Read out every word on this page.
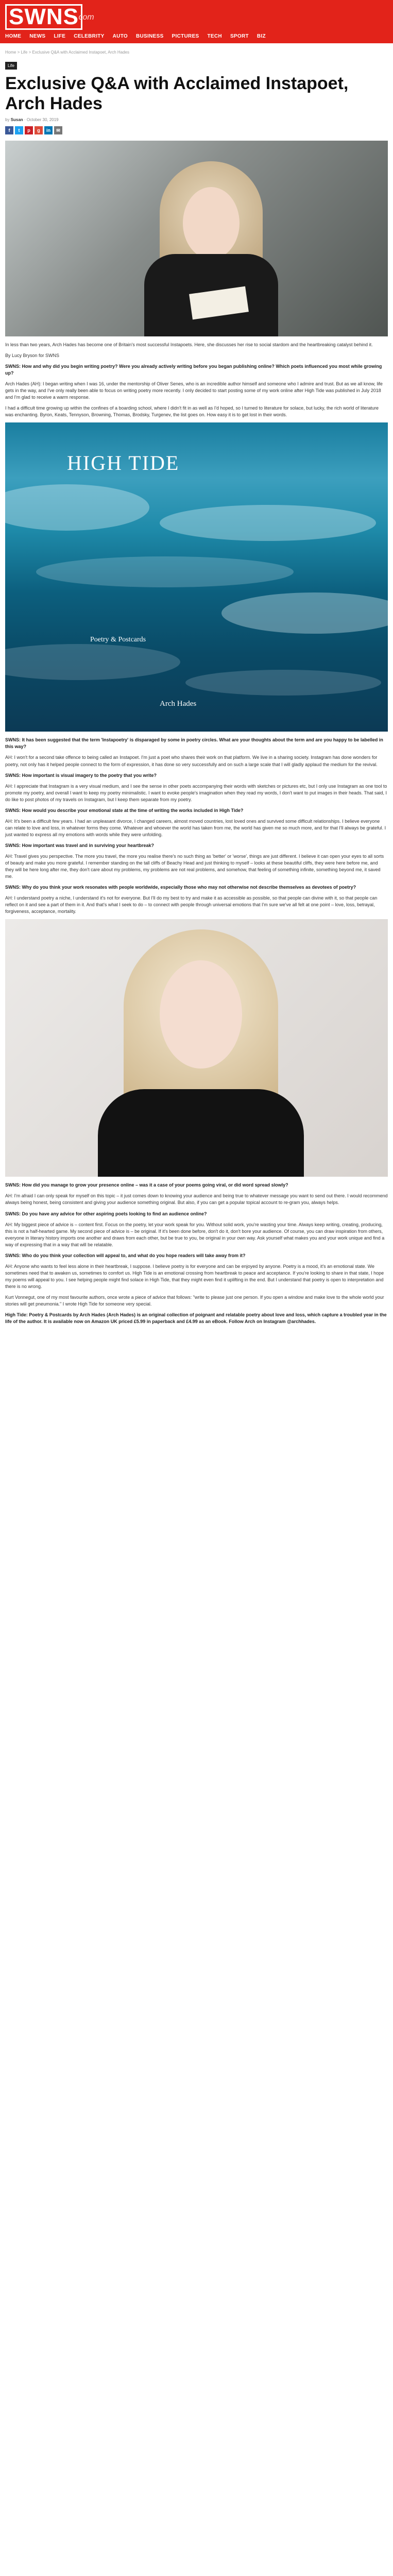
SWNS
.com
HOME NEWS LIFE CELEBRITY AUTO BUSINESS PICTURES TECH SPORT BIZ
Home > Life > Exclusive Q&A with Acclaimed Instapoet, Arch Hades
Life
Exclusive Q&A with Acclaimed Instapoet, Arch Hades
by Susan · October 30, 2019
f	t	p	g	in	✉

In less than two years, Arch Hades has become one of Britain's most successful Instapoets. Here, she discusses her rise to social stardom and the heartbreaking catalyst behind it.

By Lucy Bryson for SWNS

SWNS: How and why did you begin writing poetry? Were you already actively writing before you began publishing online? Which poets influenced you most while growing up?

Arch Hades (AH): I began writing when I was 16, under the mentorship of Oliver Senes, who is an incredible author himself and someone who I admire and trust. But as we all know, life gets in the way, and I've only really been able to focus on writing poetry more recently. I only decided to start posting some of my work online after High Tide was published in July 2018 and I'm glad to receive a warm response.

I had a difficult time growing up within the confines of a boarding school, where I didn't fit in as well as I'd hoped, so I turned to literature for solace, but lucky, the rich world of literature was enchanting. Byron, Keats, Tennyson, Browning, Thomas, Brodsky, Turgenev, the list goes on. How easy it is to get lost in their words.

HIGH TIDE
Poetry & Postcards
Arch Hades

SWNS: It has been suggested that the term 'Instapoetry' is disparaged by some in poetry circles. What are your thoughts about the term and are you happy to be labelled in this way?

AH: I won't for a second take offence to being called an Instapoet. I'm just a poet who shares their work on that platform. We live in a sharing society. Instagram has done wonders for poetry, not only has it helped people connect to the form of expression, it has done so very successfully and on such a large scale that I will gladly applaud the medium for the revival.

SWNS: How important is visual imagery to the poetry that you write?

AH: I appreciate that Instagram is a very visual medium, and I see the sense in other poets accompanying their words with sketches or pictures etc, but I only use Instagram as one tool to promote my poetry, and overall I want to keep my poetry minimalistic. I want to evoke people's imagination when they read my words, I don't want to put images in their heads. That said, I do like to post photos of my travels on Instagram, but I keep them separate from my poetry.

SWNS: How would you describe your emotional state at the time of writing the works included in High Tide?

AH: It's been a difficult few years. I had an unpleasant divorce, I changed careers, almost moved countries, lost loved ones and survived some difficult relationships. I believe everyone can relate to love and loss, in whatever forms they come. Whatever and whoever the world has taken from me, the world has given me so much more, and for that I'll always be grateful. I just wanted to express all my emotions with words while they were unfolding.

SWNS: How important was travel and in surviving your heartbreak?

AH: Travel gives you perspective. The more you travel, the more you realise there's no such thing as 'better' or 'worse', things are just different. I believe it can open your eyes to all sorts of beauty and make you more grateful. I remember standing on the tall cliffs of Beachy Head and just thinking to myself – looks at these beautiful cliffs, they were here before me, and they will be here long after me, they don't care about my problems, my problems are not real problems, and somehow, that feeling of something infinite, something beyond me, it saved me.

SWNS: Why do you think your work resonates with people worldwide, especially those who may not otherwise not describe themselves as devotees of poetry?

AH: I understand poetry a niche, I understand it's not for everyone. But I'll do my best to try and make it as accessible as possible, so that people can divine with it, so that people can reflect on it and see a part of them in it. And that's what I seek to do – to connect with people through universal emotions that I'm sure we've all felt at one point – love, loss, betrayal, forgiveness, acceptance, mortality.

SWNS: How did you manage to grow your presence online – was it a case of your poems going viral, or did word spread slowly?

AH: I'm afraid I can only speak for myself on this topic – it just comes down to knowing your audience and being true to whatever message you want to send out there. I would recommend always being honest, being consistent and giving your audience something original. But also, if you can get a popular topical account to re-gram you, always helps.

SWNS: Do you have any advice for other aspiring poets looking to find an audience online?

AH: My biggest piece of advice is – content first. Focus on the poetry, let your work speak for you. Without solid work, you're wasting your time. Always keep writing, creating, producing, this is not a half-hearted game. My second piece of advice is – be original. If it's been done before, don't do it, don't bore your audience. Of course, you can draw inspiration from others, everyone in literary history imports one another and draws from each other, but be true to you, be original in your own way. Ask yourself what makes you and your work unique and find a way of expressing that in a way that will be relatable.

SWNS: Who do you think your collection will appeal to, and what do you hope readers will take away from it?

AH: Anyone who wants to feel less alone in their heartbreak, I suppose. I believe poetry is for everyone and can be enjoyed by anyone. Poetry is a mood, it's an emotional state. We sometimes need that to awaken us, sometimes to comfort us. High Tide is an emotional crossing from heartbreak to peace and acceptance. If you're looking to share in that state, I hope my poems will appeal to you. I see helping people might find solace in High Tide, that they might even find it uplifting in the end. But I understand that poetry is open to interpretation and there is no wrong.

Kurt Vonnegut, one of my most favourite authors, once wrote a piece of advice that follows: "write to please just one person. If you open a window and make love to the whole world your stories will get pneumonia." I wrote High Tide for someone very special.

High Tide: Poetry & Postcards by Arch Hades (Arch Hades) is an original collection of poignant and relatable poetry about love and loss, which capture a troubled year in the life of the author. It is available now on Amazon UK priced £5.99 in paperback and £4.99 as an eBook. Follow Arch on Instagram @archhades.
